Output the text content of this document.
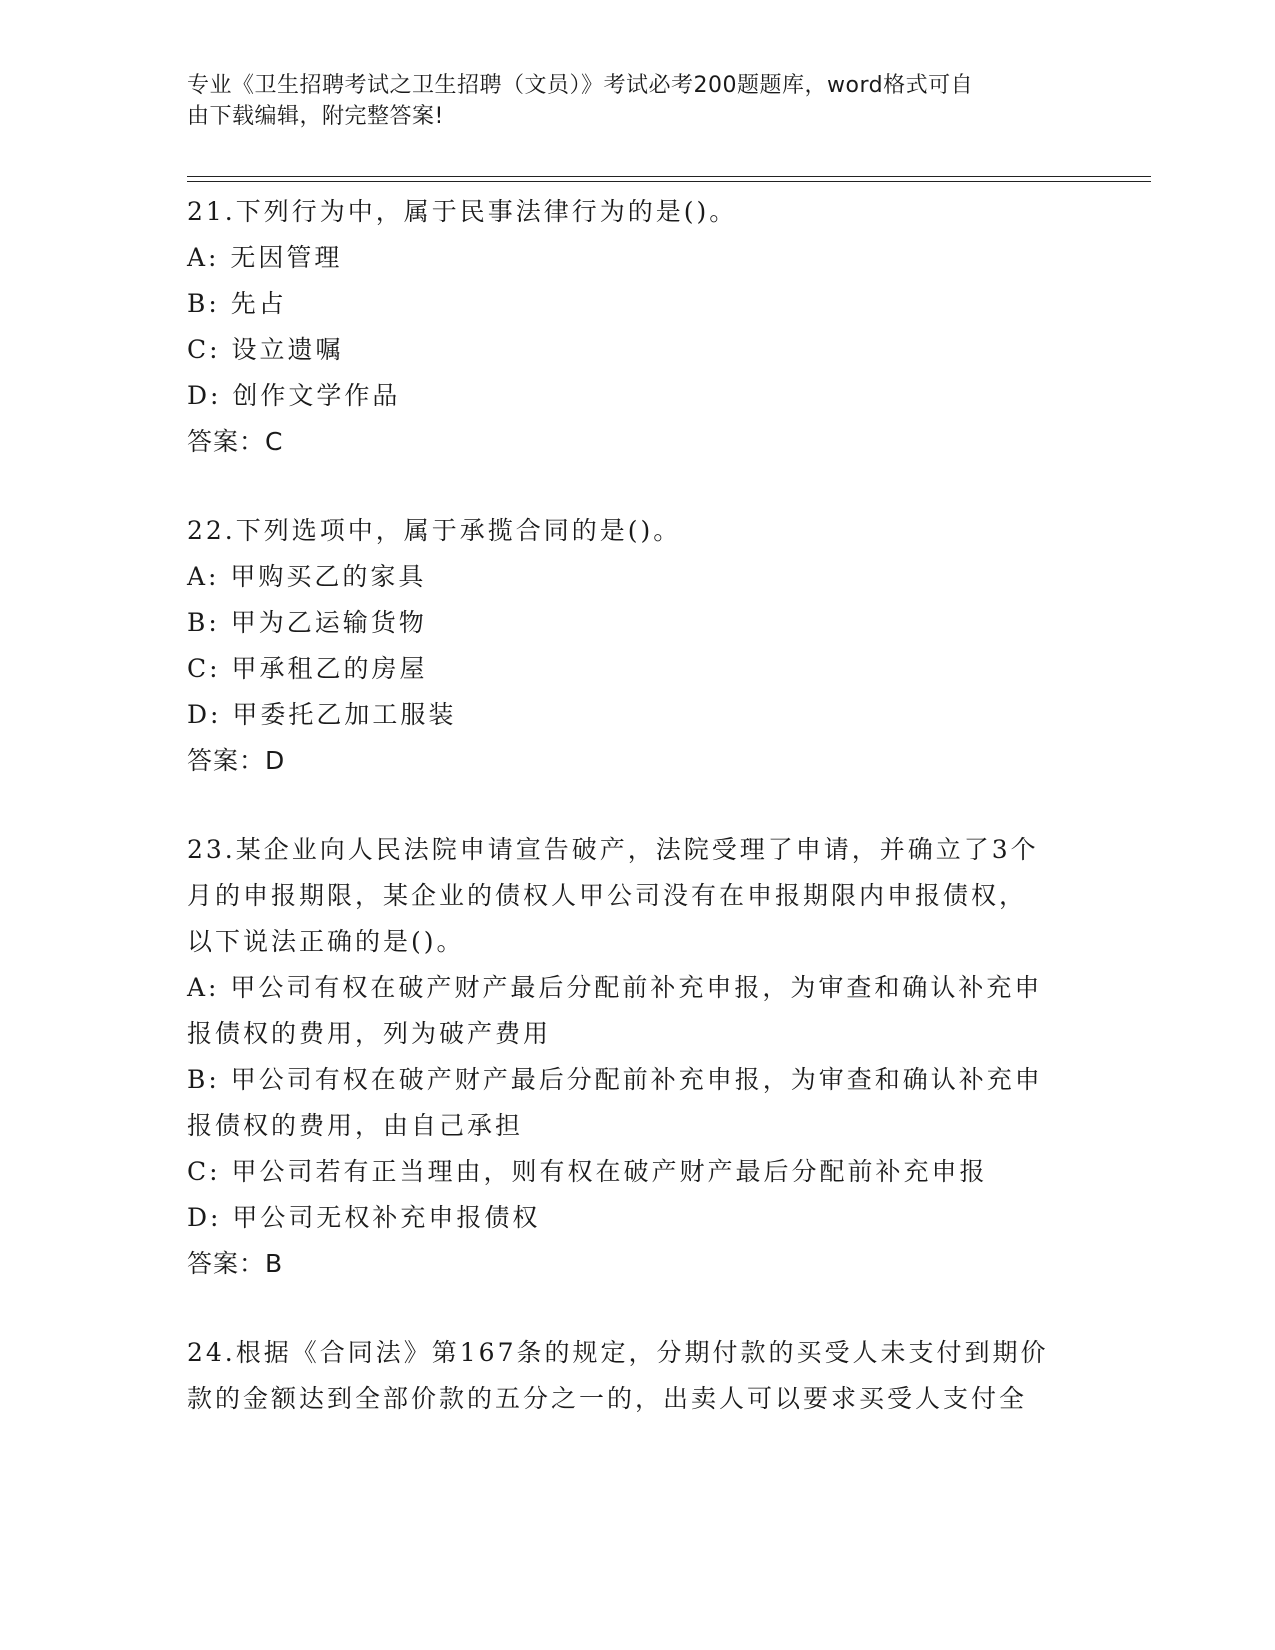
专业《卫生招聘考试之卫生招聘（文员）》考试必考200题题库，word格式可自
由下载编辑，附完整答案!
21.下列行为中，属于民事法律行为的是()。
A: 无因管理
B: 先占
C: 设立遗嘱
D: 创作文学作品
答案：C
22.下列选项中，属于承揽合同的是()。
A: 甲购买乙的家具
B: 甲为乙运输货物
C: 甲承租乙的房屋
D: 甲委托乙加工服装
答案：D
23.某企业向人民法院申请宣告破产，法院受理了申请，并确立了3个
月的申报期限，某企业的债权人甲公司没有在申报期限内申报债权，
以下说法正确的是()。
A: 甲公司有权在破产财产最后分配前补充申报，为审查和确认补充申
报债权的费用，列为破产费用
B: 甲公司有权在破产财产最后分配前补充申报，为审查和确认补充申
报债权的费用，由自己承担
C: 甲公司若有正当理由，则有权在破产财产最后分配前补充申报
D: 甲公司无权补充申报债权
答案：B
24.根据《合同法》第167条的规定，分期付款的买受人未支付到期价
款的金额达到全部价款的五分之一的，出卖人可以要求买受人支付全
